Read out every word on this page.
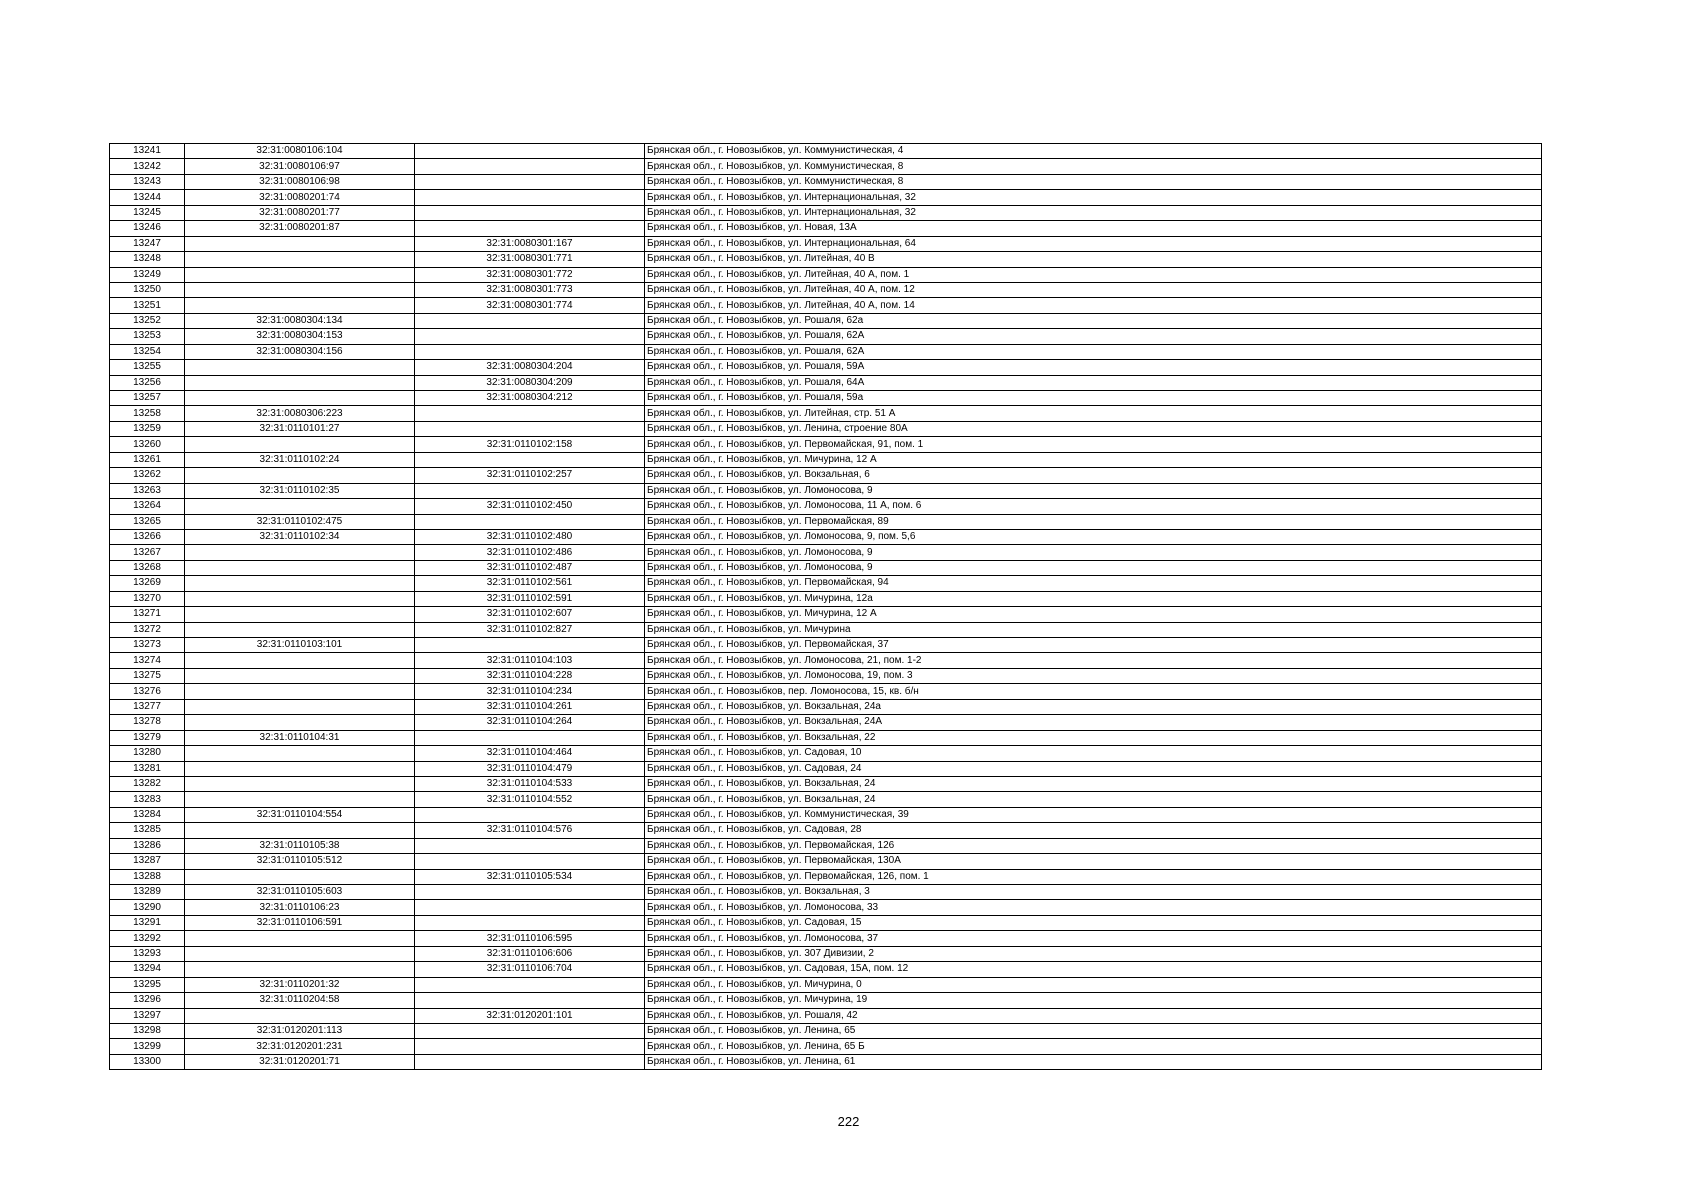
13241	32:31:0080106:104		Брянская обл., г. Новозыбков, ул. Коммунистическая, 4
13242	32:31:0080106:97		Брянская обл., г. Новозыбков, ул. Коммунистическая, 8
13243	32:31:0080106:98		Брянская обл., г. Новозыбков, ул. Коммунистическая, 8
13244	32:31:0080201:74		Брянская обл., г. Новозыбков, ул. Интернациональная, 32
13245	32:31:0080201:77		Брянская обл., г. Новозыбков, ул. Интернациональная, 32
13246	32:31:0080201:87		Брянская обл., г. Новозыбков, ул. Новая, 13А
13247		32:31:0080301:167	Брянская обл., г. Новозыбков, ул. Интернациональная, 64
13248		32:31:0080301:771	Брянская обл., г. Новозыбков, ул. Литейная, 40 В
13249		32:31:0080301:772	Брянская обл., г. Новозыбков, ул. Литейная, 40 А, пом. 1
13250		32:31:0080301:773	Брянская обл., г. Новозыбков, ул. Литейная, 40 А, пом. 12
13251		32:31:0080301:774	Брянская обл., г. Новозыбков, ул. Литейная, 40 А, пом. 14
13252	32:31:0080304:134		Брянская обл., г. Новозыбков, ул. Рошаля, 62а
13253	32:31:0080304:153		Брянская обл., г. Новозыбков, ул. Рошаля, 62А
13254	32:31:0080304:156		Брянская обл., г. Новозыбков, ул. Рошаля, 62А
13255		32:31:0080304:204	Брянская обл., г. Новозыбков, ул. Рошаля, 59А
13256		32:31:0080304:209	Брянская обл., г. Новозыбков, ул. Рошаля, 64А
13257		32:31:0080304:212	Брянская обл., г. Новозыбков, ул. Рошаля, 59а
13258	32:31:0080306:223		Брянская обл., г. Новозыбков, ул. Литейная, стр. 51 А
13259	32:31:0110101:27		Брянская обл., г. Новозыбков, ул. Ленина, строение 80А
13260		32:31:0110102:158	Брянская обл., г. Новозыбков, ул. Первомайская, 91, пом. 1
13261	32:31:0110102:24		Брянская обл., г. Новозыбков, ул. Мичурина, 12 А
13262		32:31:0110102:257	Брянская обл., г. Новозыбков, ул. Вокзальная, 6
13263	32:31:0110102:35		Брянская обл., г. Новозыбков, ул. Ломоносова, 9
13264		32:31:0110102:450	Брянская обл., г. Новозыбков, ул. Ломоносова, 11 А, пом. 6
13265	32:31:0110102:475		Брянская обл., г. Новозыбков, ул. Первомайская, 89
13266	32:31:0110102:34	32:31:0110102:480	Брянская обл., г. Новозыбков, ул. Ломоносова, 9, пом. 5,6
13267		32:31:0110102:486	Брянская обл., г. Новозыбков, ул. Ломоносова, 9
13268		32:31:0110102:487	Брянская обл., г. Новозыбков, ул. Ломоносова, 9
13269		32:31:0110102:561	Брянская обл., г. Новозыбков, ул. Первомайская, 94
13270		32:31:0110102:591	Брянская обл., г. Новозыбков, ул. Мичурина, 12а
13271		32:31:0110102:607	Брянская обл., г. Новозыбков, ул. Мичурина, 12 А
13272		32:31:0110102:827	Брянская обл., г. Новозыбков, ул. Мичурина
13273	32:31:0110103:101		Брянская обл., г. Новозыбков, ул. Первомайская, 37
13274		32:31:0110104:103	Брянская обл., г. Новозыбков, ул. Ломоносова, 21, пом. 1-2
13275		32:31:0110104:228	Брянская обл., г. Новозыбков, ул. Ломоносова, 19, пом. 3
13276		32:31:0110104:234	Брянская обл., г. Новозыбков, пер. Ломоносова, 15, кв. б/н
13277		32:31:0110104:261	Брянская обл., г. Новозыбков, ул. Вокзальная, 24а
13278		32:31:0110104:264	Брянская обл., г. Новозыбков, ул. Вокзальная, 24А
13279	32:31:0110104:31		Брянская обл., г. Новозыбков, ул. Вокзальная, 22
13280		32:31:0110104:464	Брянская обл., г. Новозыбков, ул. Садовая, 10
13281		32:31:0110104:479	Брянская обл., г. Новозыбков, ул. Садовая, 24
13282		32:31:0110104:533	Брянская обл., г. Новозыбков, ул. Вокзальная, 24
13283		32:31:0110104:552	Брянская обл., г. Новозыбков, ул. Вокзальная, 24
13284	32:31:0110104:554		Брянская обл., г. Новозыбков, ул. Коммунистическая, 39
13285		32:31:0110104:576	Брянская обл., г. Новозыбков, ул. Садовая, 28
13286	32:31:0110105:38		Брянская обл., г. Новозыбков, ул. Первомайская, 126
13287	32:31:0110105:512		Брянская обл., г. Новозыбков, ул. Первомайская, 130А
13288		32:31:0110105:534	Брянская обл., г. Новозыбков, ул. Первомайская, 126, пом. 1
13289	32:31:0110105:603		Брянская обл., г. Новозыбков, ул. Вокзальная, 3
13290	32:31:0110106:23		Брянская обл., г. Новозыбков, ул. Ломоносова, 33
13291	32:31:0110106:591		Брянская обл., г. Новозыбков, ул. Садовая, 15
13292		32:31:0110106:595	Брянская обл., г. Новозыбков, ул. Ломоносова, 37
13293		32:31:0110106:606	Брянская обл., г. Новозыбков, ул. 307 Дивизии, 2
13294		32:31:0110106:704	Брянская обл., г. Новозыбков, ул. Садовая, 15А, пом. 12
13295	32:31:0110201:32		Брянская обл., г. Новозыбков, ул. Мичурина, 0
13296	32:31:0110204:58		Брянская обл., г. Новозыбков, ул. Мичурина, 19
13297		32:31:0120201:101	Брянская обл., г. Новозыбков, ул. Рошаля, 42
13298	32:31:0120201:113		Брянская обл., г. Новозыбков, ул. Ленина, 65
13299	32:31:0120201:231		Брянская обл., г. Новозыбков, ул. Ленина, 65 Б
13300	32:31:0120201:71		Брянская обл., г. Новозыбков, ул. Ленина, 61
222
